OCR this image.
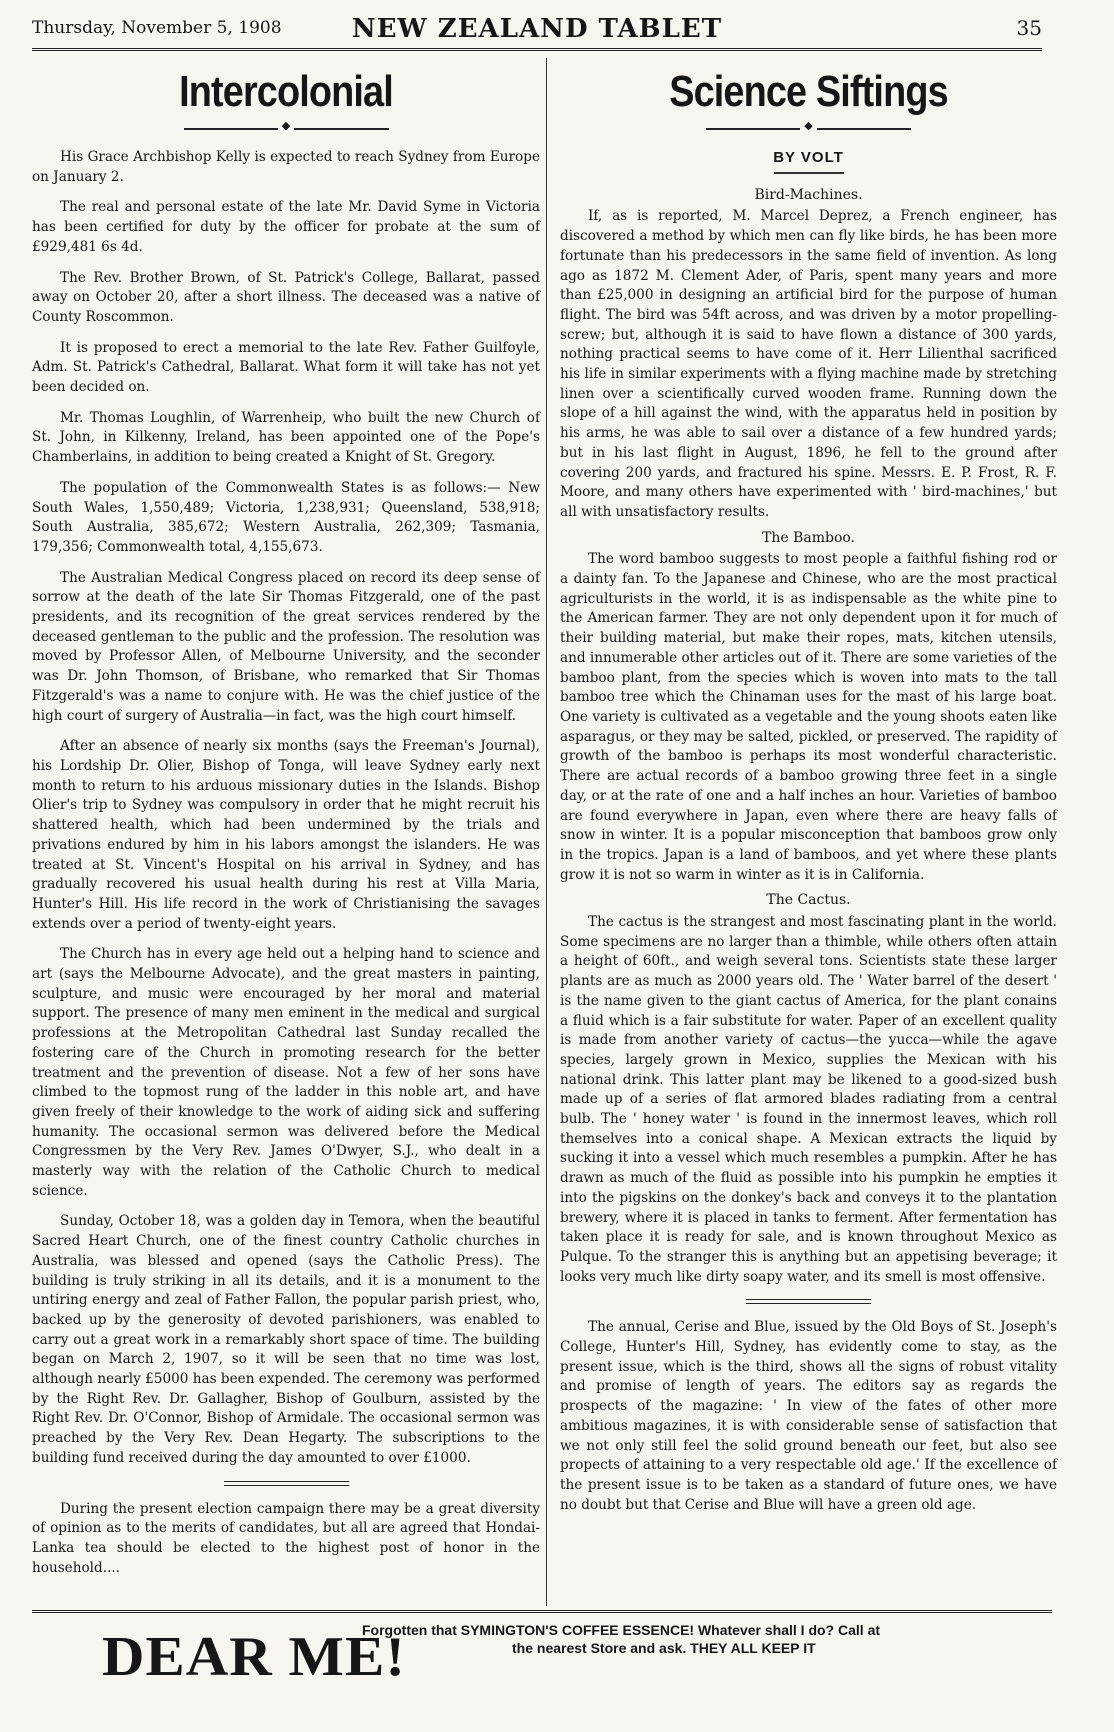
Thursday, November 5, 1908	NEW ZEALAND TABLET	35
Intercolonial
◆

His Grace Archbishop Kelly is expected to reach Sydney from Europe on January 2.

The real and personal estate of the late Mr. David Syme in Victoria has been certified for duty by the officer for probate at the sum of £929,481 6s 4d.

The Rev. Brother Brown, of St. Patrick's College, Ballarat, passed away on October 20, after a short illness. The deceased was a native of County Roscommon.

It is proposed to erect a memorial to the late Rev. Father Guilfoyle, Adm. St. Patrick's Cathedral, Ballarat. What form it will take has not yet been decided on.

Mr. Thomas Loughlin, of Warrenheip, who built the new Church of St. John, in Kilkenny, Ireland, has been appointed one of the Pope's Chamberlains, in addition to being created a Knight of St. Gregory.

The population of the Commonwealth States is as follows:— New South Wales, 1,550,489; Victoria, 1,238,931; Queensland, 538,918; South Australia, 385,672; Western Australia, 262,309; Tasmania, 179,356; Commonwealth total, 4,155,673.

The Australian Medical Congress placed on record its deep sense of sorrow at the death of the late Sir Thomas Fitzgerald, one of the past presidents, and its recognition of the great services rendered by the deceased gentleman to the public and the profession. The resolution was moved by Professor Allen, of Melbourne University, and the seconder was Dr. John Thomson, of Brisbane, who remarked that Sir Thomas Fitzgerald's was a name to conjure with. He was the chief justice of the high court of surgery of Australia—in fact, was the high court himself.

After an absence of nearly six months (says the Freeman's Journal), his Lordship Dr. Olier, Bishop of Tonga, will leave Sydney early next month to return to his arduous missionary duties in the Islands. Bishop Olier's trip to Sydney was compulsory in order that he might recruit his shattered health, which had been undermined by the trials and privations endured by him in his labors amongst the islanders. He was treated at St. Vincent's Hospital on his arrival in Sydney, and has gradually recovered his usual health during his rest at Villa Maria, Hunter's Hill. His life record in the work of Christianising the savages extends over a period of twenty-eight years.

The Church has in every age held out a helping hand to science and art (says the Melbourne Advocate), and the great masters in painting, sculpture, and music were encouraged by her moral and material support. The presence of many men eminent in the medical and surgical professions at the Metropolitan Cathedral last Sunday recalled the fostering care of the Church in promoting research for the better treatment and the prevention of disease. Not a few of her sons have climbed to the topmost rung of the ladder in this noble art, and have given freely of their knowledge to the work of aiding sick and suffering humanity. The occasional sermon was delivered before the Medical Congressmen by the Very Rev. James O'Dwyer, S.J., who dealt in a masterly way with the relation of the Catholic Church to medical science.

Sunday, October 18, was a golden day in Temora, when the beautiful Sacred Heart Church, one of the finest country Catholic churches in Australia, was blessed and opened (says the Catholic Press). The building is truly striking in all its details, and it is a monument to the untiring energy and zeal of Father Fallon, the popular parish priest, who, backed up by the generosity of devoted parishioners, was enabled to carry out a great work in a remarkably short space of time. The building began on March 2, 1907, so it will be seen that no time was lost, although nearly £5000 has been expended. The ceremony was performed by the Right Rev. Dr. Gallagher, Bishop of Goulburn, assisted by the Right Rev. Dr. O'Connor, Bishop of Armidale. The occasional sermon was preached by the Very Rev. Dean Hegarty. The subscriptions to the building fund received during the day amounted to over £1000.

During the present election campaign there may be a great diversity of opinion as to the merits of candidates, but all are agreed that Hondai-Lanka tea should be elected to the highest post of honor in the household....

Science Siftings
◆
BY VOLT
Bird-Machines.

If, as is reported, M. Marcel Deprez, a French engineer, has discovered a method by which men can fly like birds, he has been more fortunate than his predecessors in the same field of invention. As long ago as 1872 M. Clement Ader, of Paris, spent many years and more than £25,000 in designing an artificial bird for the purpose of human flight. The bird was 54ft across, and was driven by a motor propelling-screw; but, although it is said to have flown a distance of 300 yards, nothing practical seems to have come of it. Herr Lilienthal sacrificed his life in similar experiments with a flying machine made by stretching linen over a scientifically curved wooden frame. Running down the slope of a hill against the wind, with the apparatus held in position by his arms, he was able to sail over a distance of a few hundred yards; but in his last flight in August, 1896, he fell to the ground after covering 200 yards, and fractured his spine. Messrs. E. P. Frost, R. F. Moore, and many others have experimented with ' bird-machines,' but all with unsatisfactory results.

The Bamboo.

The word bamboo suggests to most people a faithful fishing rod or a dainty fan. To the Japanese and Chinese, who are the most practical agriculturists in the world, it is as indispensable as the white pine to the American farmer. They are not only dependent upon it for much of their building material, but make their ropes, mats, kitchen utensils, and innumerable other articles out of it. There are some varieties of the bamboo plant, from the species which is woven into mats to the tall bamboo tree which the Chinaman uses for the mast of his large boat. One variety is cultivated as a vegetable and the young shoots eaten like asparagus, or they may be salted, pickled, or preserved. The rapidity of growth of the bamboo is perhaps its most wonderful characteristic. There are actual records of a bamboo growing three feet in a single day, or at the rate of one and a half inches an hour. Varieties of bamboo are found everywhere in Japan, even where there are heavy falls of snow in winter. It is a popular misconception that bamboos grow only in the tropics. Japan is a land of bamboos, and yet where these plants grow it is not so warm in winter as it is in California.

The Cactus.

The cactus is the strangest and most fascinating plant in the world. Some specimens are no larger than a thimble, while others often attain a height of 60ft., and weigh several tons. Scientists state these larger plants are as much as 2000 years old. The ' Water barrel of the desert ' is the name given to the giant cactus of America, for the plant conains a fluid which is a fair substitute for water. Paper of an excellent quality is made from another variety of cactus—the yucca—while the agave species, largely grown in Mexico, supplies the Mexican with his national drink. This latter plant may be likened to a good-sized bush made up of a series of flat armored blades radiating from a central bulb. The ' honey water ' is found in the innermost leaves, which roll themselves into a conical shape. A Mexican extracts the liquid by sucking it into a vessel which much resembles a pumpkin. After he has drawn as much of the fluid as possible into his pumpkin he empties it into the pigskins on the donkey's back and conveys it to the plantation brewery, where it is placed in tanks to ferment. After fermentation has taken place it is ready for sale, and is known throughout Mexico as Pulque. To the stranger this is anything but an appetising beverage; it looks very much like dirty soapy water, and its smell is most offensive.

The annual, Cerise and Blue, issued by the Old Boys of St. Joseph's College, Hunter's Hill, Sydney, has evidently come to stay, as the present issue, which is the third, shows all the signs of robust vitality and promise of length of years. The editors say as regards the prospects of the magazine: ' In view of the fates of other more ambitious magazines, it is with considerable sense of satisfaction that we not only still feel the solid ground beneath our feet, but also see propects of attaining to a very respectable old age.' If the excellence of the present issue is to be taken as a standard of future ones, we have no doubt but that Cerise and Blue will have a green old age.

DEAR ME!
Forgotten that SYMINGTON'S COFFEE ESSENCE! Whatever shall I do? Call at
the nearest Store and ask. THEY ALL KEEP IT
